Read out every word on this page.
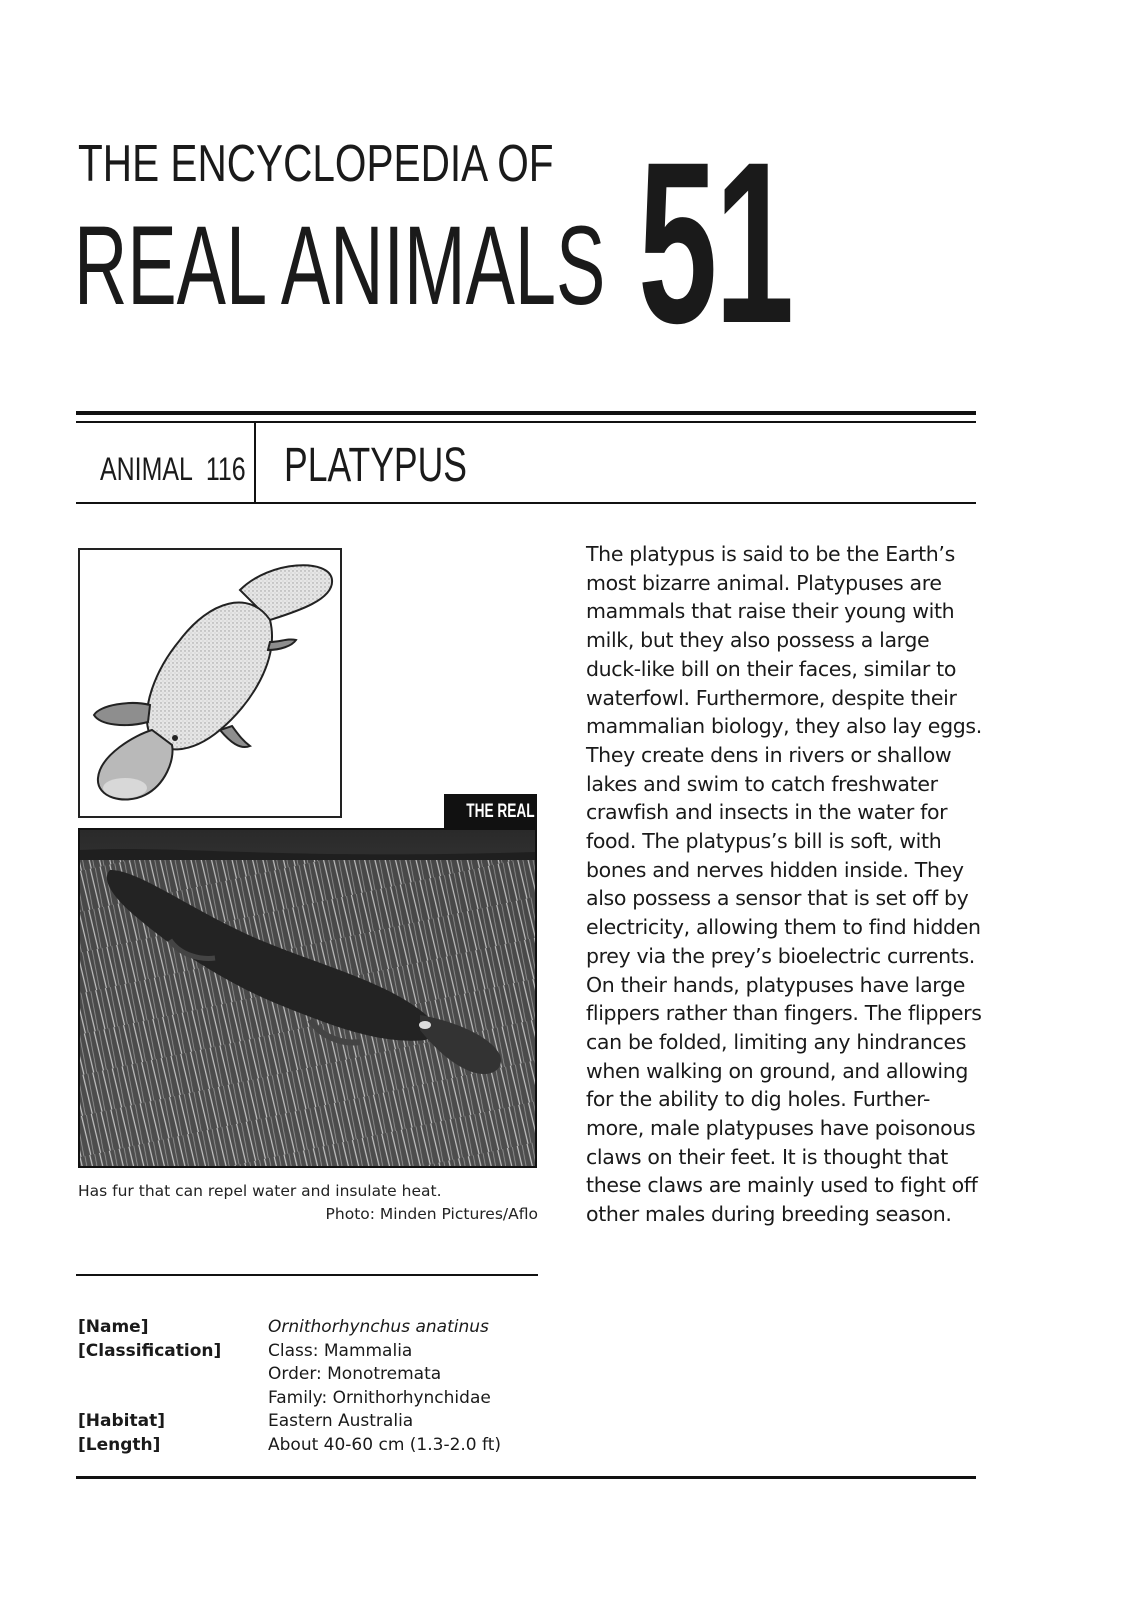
THE ENCYCLOPEDIA OF
REAL ANIMALS 51
ANIMAL  116 PLATYPUS
THE REAL THING
Has fur that can repel water and insulate heat.
Photo: Minden Pictures/Aflo
The platypus is said to be the Earth’s
most bizarre animal. Platypuses are
mammals that raise their young with
milk, but they also possess a large
duck-like bill on their faces, similar to
waterfowl. Furthermore, despite their
mammalian biology, they also lay eggs.
They create dens in rivers or shallow
lakes and swim to catch freshwater
crawfish and insects in the water for
food. The platypus’s bill is soft, with
bones and nerves hidden inside. They
also possess a sensor that is set off by
electricity, allowing them to find hidden
prey via the prey’s bioelectric currents.
On their hands, platypuses have large
flippers rather than fingers. The flippers
can be folded, limiting any hindrances
when walking on ground, and allowing
for the ability to dig holes. Further-
more, male platypuses have poisonous
claws on their feet. It is thought that
these claws are mainly used to fight off
other males during breeding season.
[Name]	Ornithorhynchus anatinus
[Classification]	Class: Mammalia
Order: Monotremata
Family: Ornithorhynchidae
[Habitat]	Eastern Australia
[Length]	About 40-60 cm (1.3-2.0 ft)
